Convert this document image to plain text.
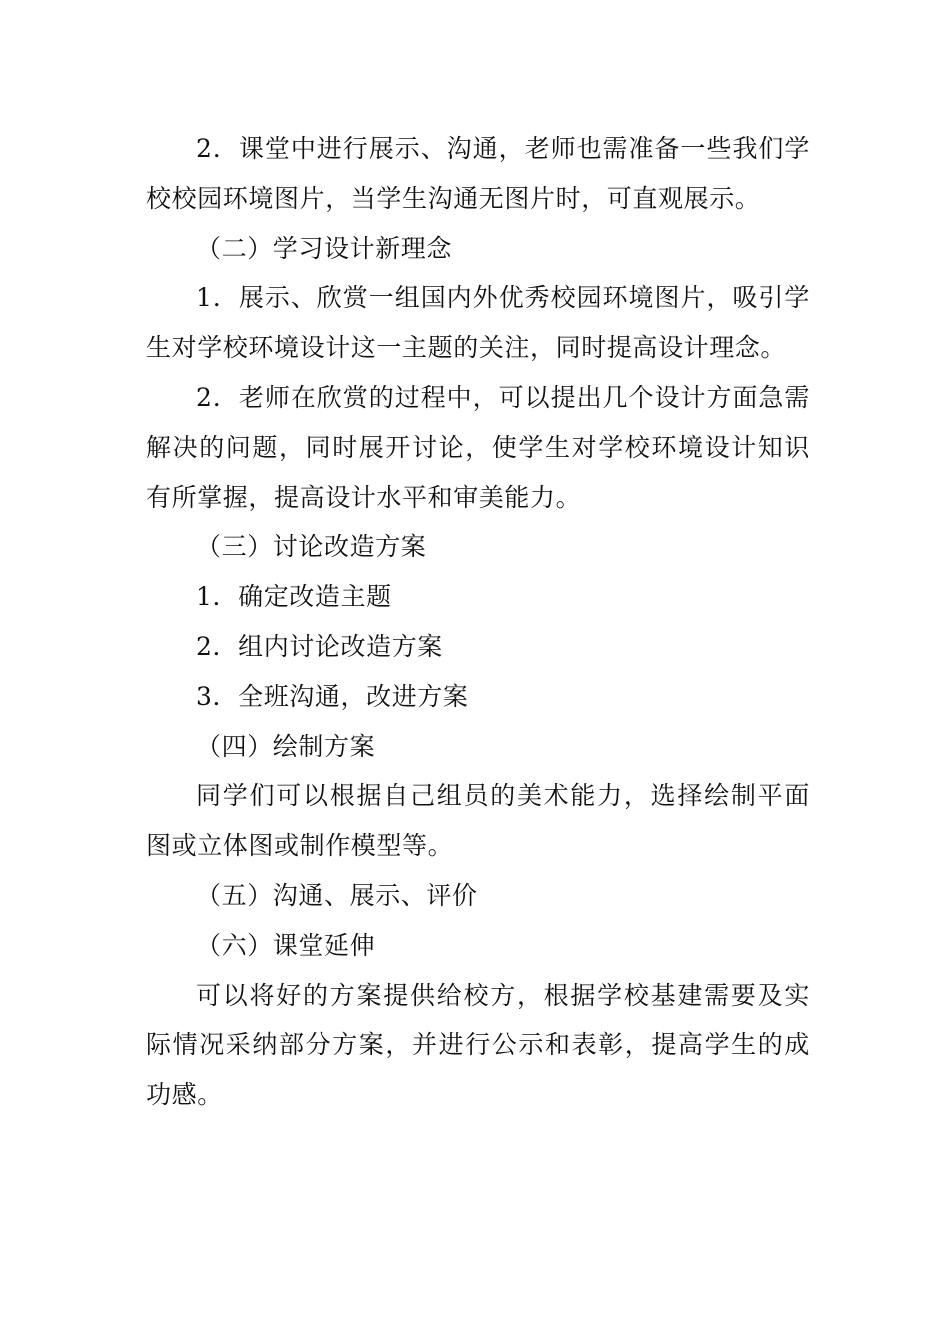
2．课堂中进行展示、沟通，老师也需准备一些我们学校校园环境图片，当学生沟通无图片时，可直观展示。

（二）学习设计新理念

1．展示、欣赏一组国内外优秀校园环境图片，吸引学生对学校环境设计这一主题的关注，同时提高设计理念。

2．老师在欣赏的过程中，可以提出几个设计方面急需解决的问题，同时展开讨论，使学生对学校环境设计知识有所掌握，提高设计水平和审美能力。

（三）讨论改造方案

1．确定改造主题

2．组内讨论改造方案

3．全班沟通，改进方案

（四）绘制方案

同学们可以根据自己组员的美术能力，选择绘制平面图或立体图或制作模型等。

（五）沟通、展示、评价

（六）课堂延伸

可以将好的方案提供给校方，根据学校基建需要及实际情况采纳部分方案，并进行公示和表彰，提高学生的成功感。
